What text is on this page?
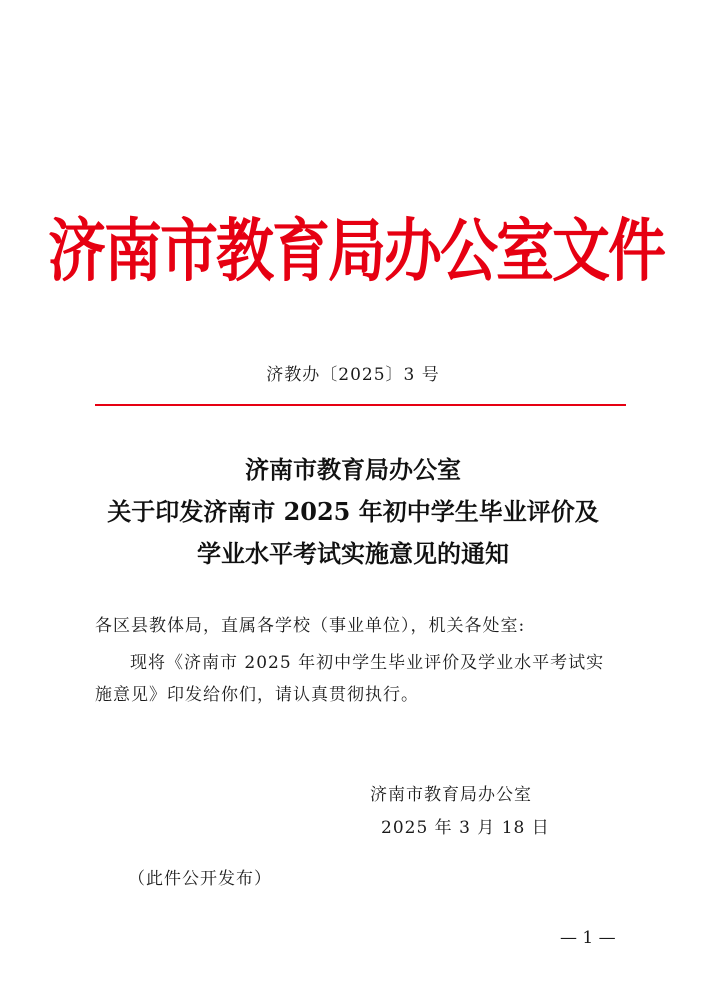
济南市教育局办公室文件
济教办〔2025〕3 号
济南市教育局办公室
关于印发济南市 2025 年初中学生毕业评价及
学业水平考试实施意见的通知
各区县教体局，直属各学校（事业单位），机关各处室:
现将《济南市 2025 年初中学生毕业评价及学业水平考试实
施意见》印发给你们，请认真贯彻执行。
济南市教育局办公室
2025 年 3 月 18 日
（此件公开发布）
— 1 —
